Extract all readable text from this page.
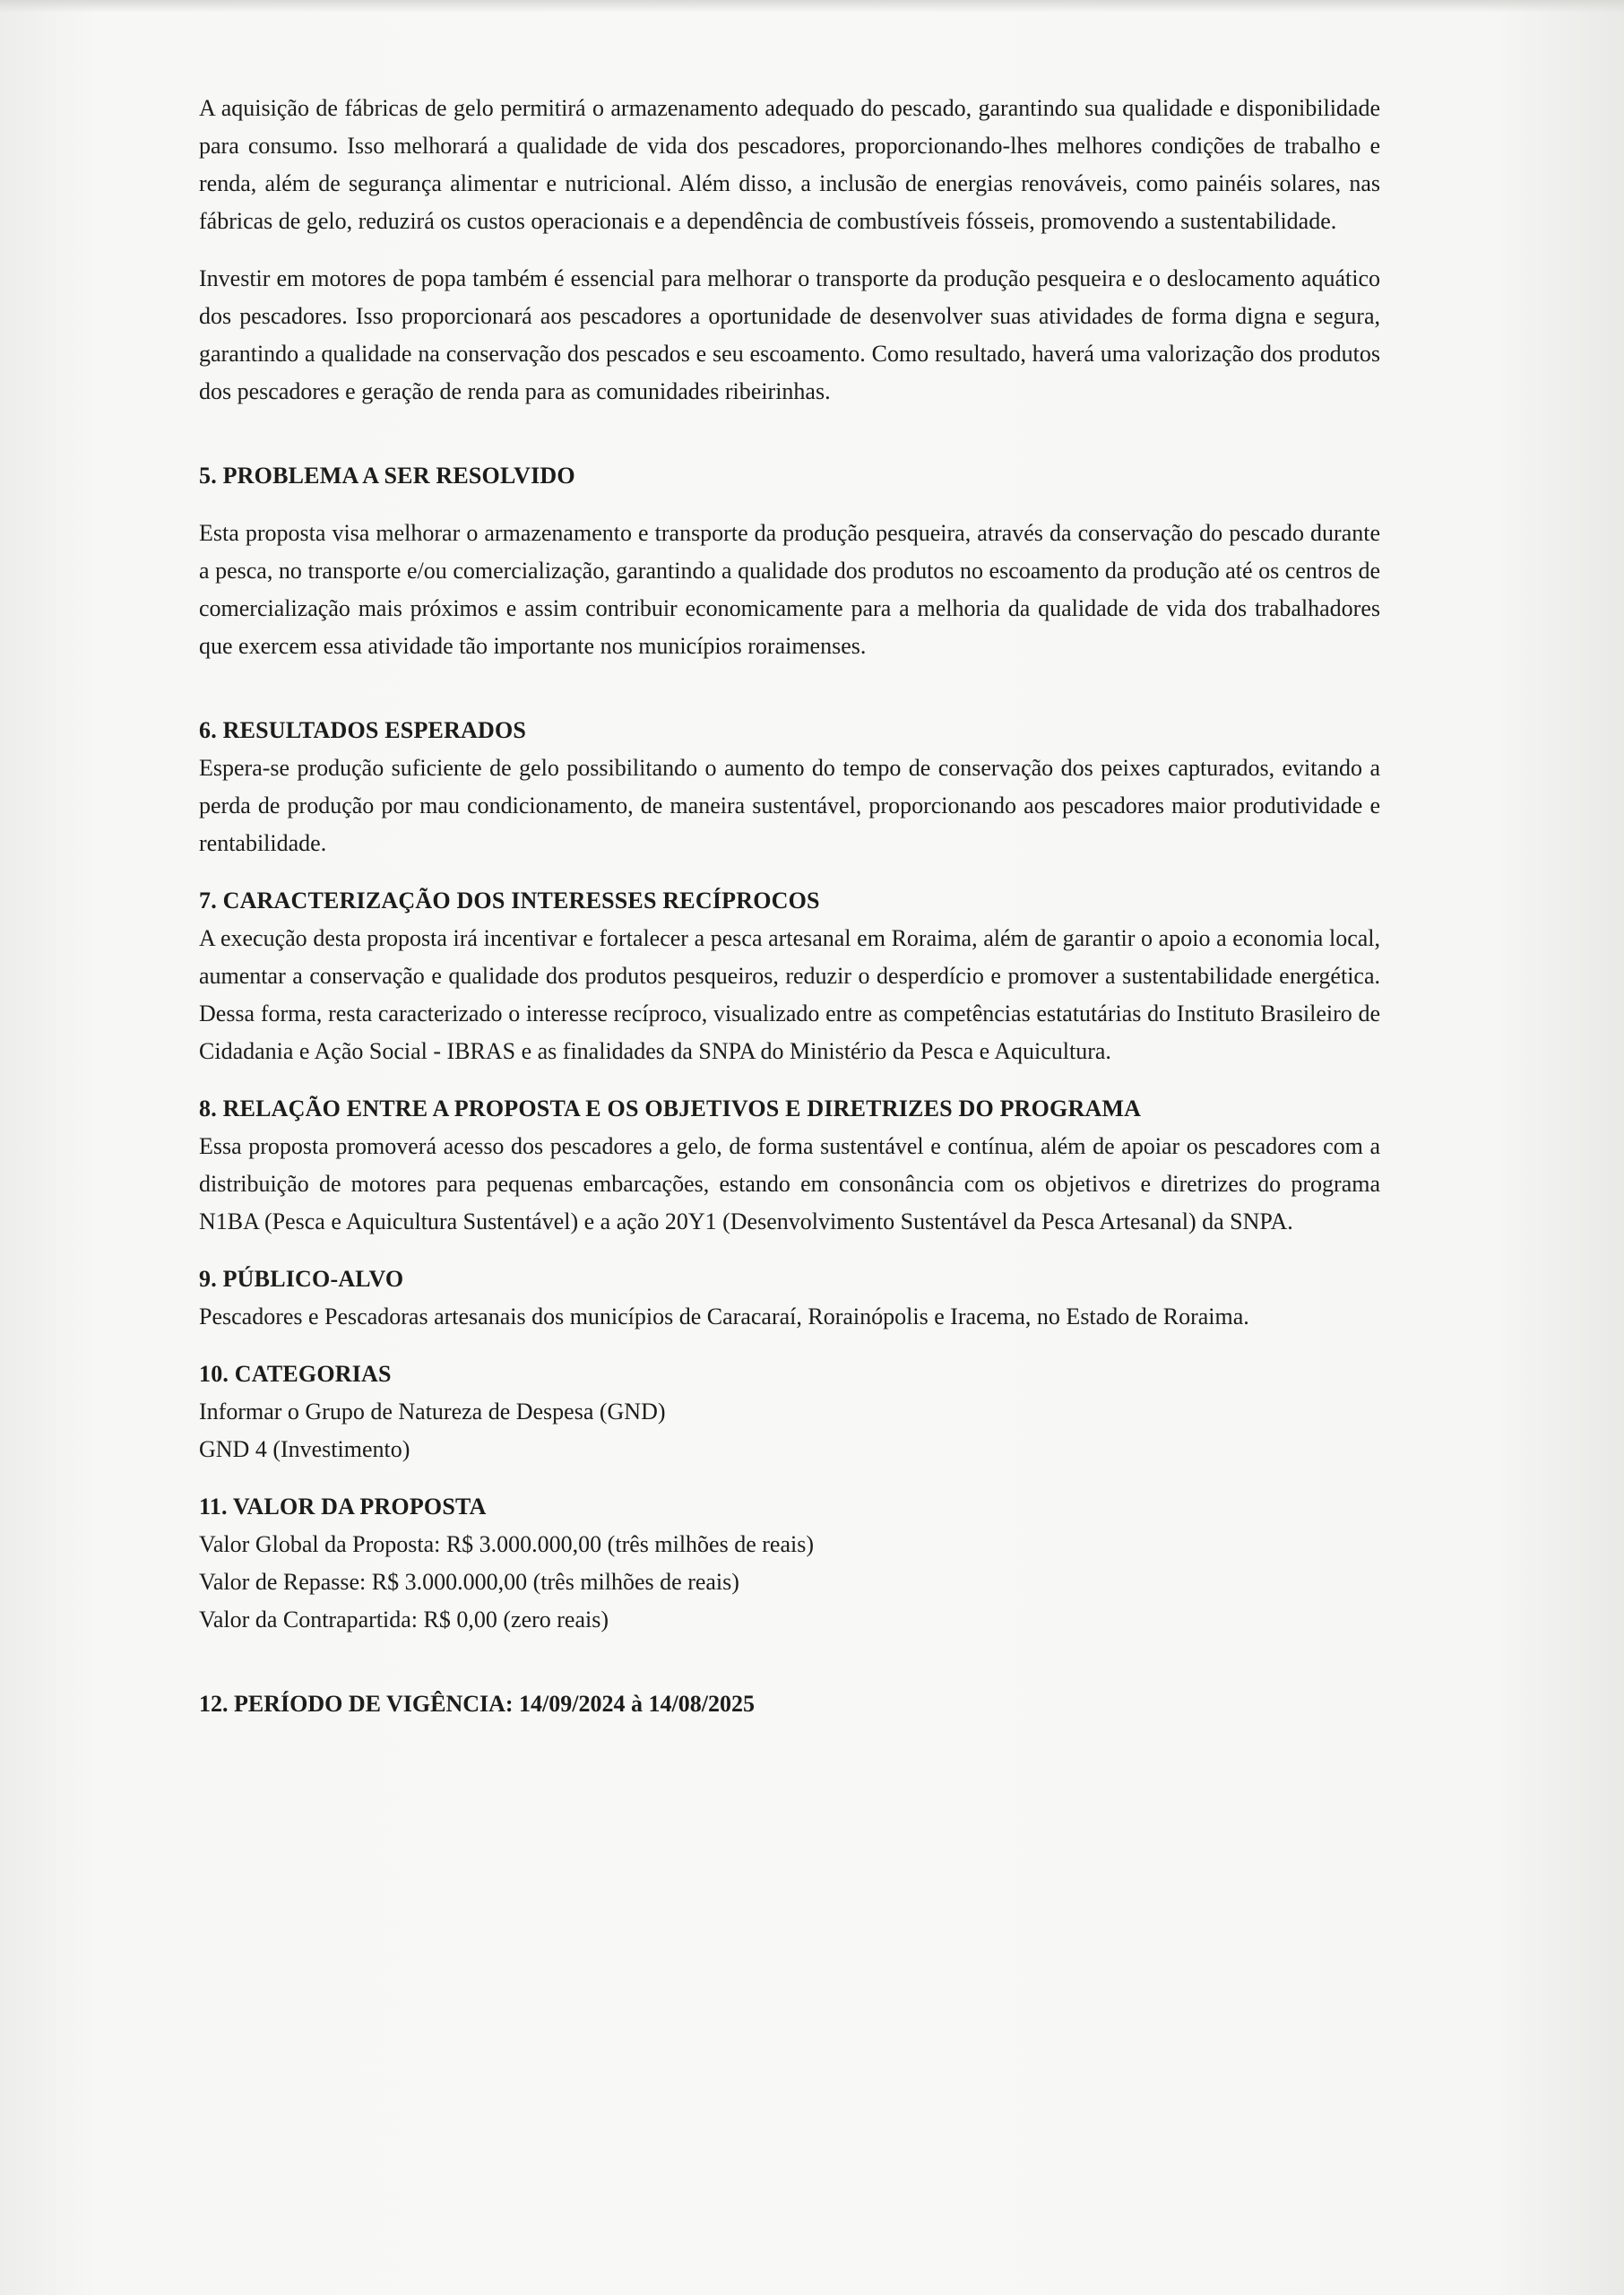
A aquisição de fábricas de gelo permitirá o armazenamento adequado do pescado, garantindo sua qualidade e disponibilidade para consumo. Isso melhorará a qualidade de vida dos pescadores, proporcionando-lhes melhores condições de trabalho e renda, além de segurança alimentar e nutricional. Além disso, a inclusão de energias renováveis, como painéis solares, nas fábricas de gelo, reduzirá os custos operacionais e a dependência de combustíveis fósseis, promovendo a sustentabilidade.

Investir em motores de popa também é essencial para melhorar o transporte da produção pesqueira e o deslocamento aquático dos pescadores. Isso proporcionará aos pescadores a oportunidade de desenvolver suas atividades de forma digna e segura, garantindo a qualidade na conservação dos pescados e seu escoamento. Como resultado, haverá uma valorização dos produtos dos pescadores e geração de renda para as comunidades ribeirinhas.

5. PROBLEMA A SER RESOLVIDO

Esta proposta visa melhorar o armazenamento e transporte da produção pesqueira, através da conservação do pescado durante a pesca, no transporte e/ou comercialização, garantindo a qualidade dos produtos no escoamento da produção até os centros de comercialização mais próximos e assim contribuir economicamente para a melhoria da qualidade de vida dos trabalhadores que exercem essa atividade tão importante nos municípios roraimenses.

6. RESULTADOS ESPERADOS

Espera-se produção suficiente de gelo possibilitando o aumento do tempo de conservação dos peixes capturados, evitando a perda de produção por mau condicionamento, de maneira sustentável, proporcionando aos pescadores maior produtividade e rentabilidade.

7. CARACTERIZAÇÃO DOS INTERESSES RECÍPROCOS

A execução desta proposta irá incentivar e fortalecer a pesca artesanal em Roraima, além de garantir o apoio a economia local, aumentar a conservação e qualidade dos produtos pesqueiros, reduzir o desperdício e promover a sustentabilidade energética. Dessa forma, resta caracterizado o interesse recíproco, visualizado entre as competências estatutárias do Instituto Brasileiro de Cidadania e Ação Social - IBRAS e as finalidades da SNPA do Ministério da Pesca e Aquicultura.

8. RELAÇÃO ENTRE A PROPOSTA E OS OBJETIVOS E DIRETRIZES DO PROGRAMA

Essa proposta promoverá acesso dos pescadores a gelo, de forma sustentável e contínua, além de apoiar os pescadores com a distribuição de motores para pequenas embarcações, estando em consonância com os objetivos e diretrizes do programa N1BA (Pesca e Aquicultura Sustentável) e a ação 20Y1 (Desenvolvimento Sustentável da Pesca Artesanal) da SNPA.

9. PÚBLICO-ALVO

Pescadores e Pescadoras artesanais dos municípios de Caracaraí, Rorainópolis e Iracema, no Estado de Roraima.

10. CATEGORIAS

Informar o Grupo de Natureza de Despesa (GND)

GND 4 (Investimento)

11. VALOR DA PROPOSTA

Valor Global da Proposta: R$ 3.000.000,00 (três milhões de reais)

Valor de Repasse: R$ 3.000.000,00 (três milhões de reais)

Valor da Contrapartida: R$ 0,00 (zero reais)

12. PERÍODO DE VIGÊNCIA: 14/09/2024 à 14/08/2025
